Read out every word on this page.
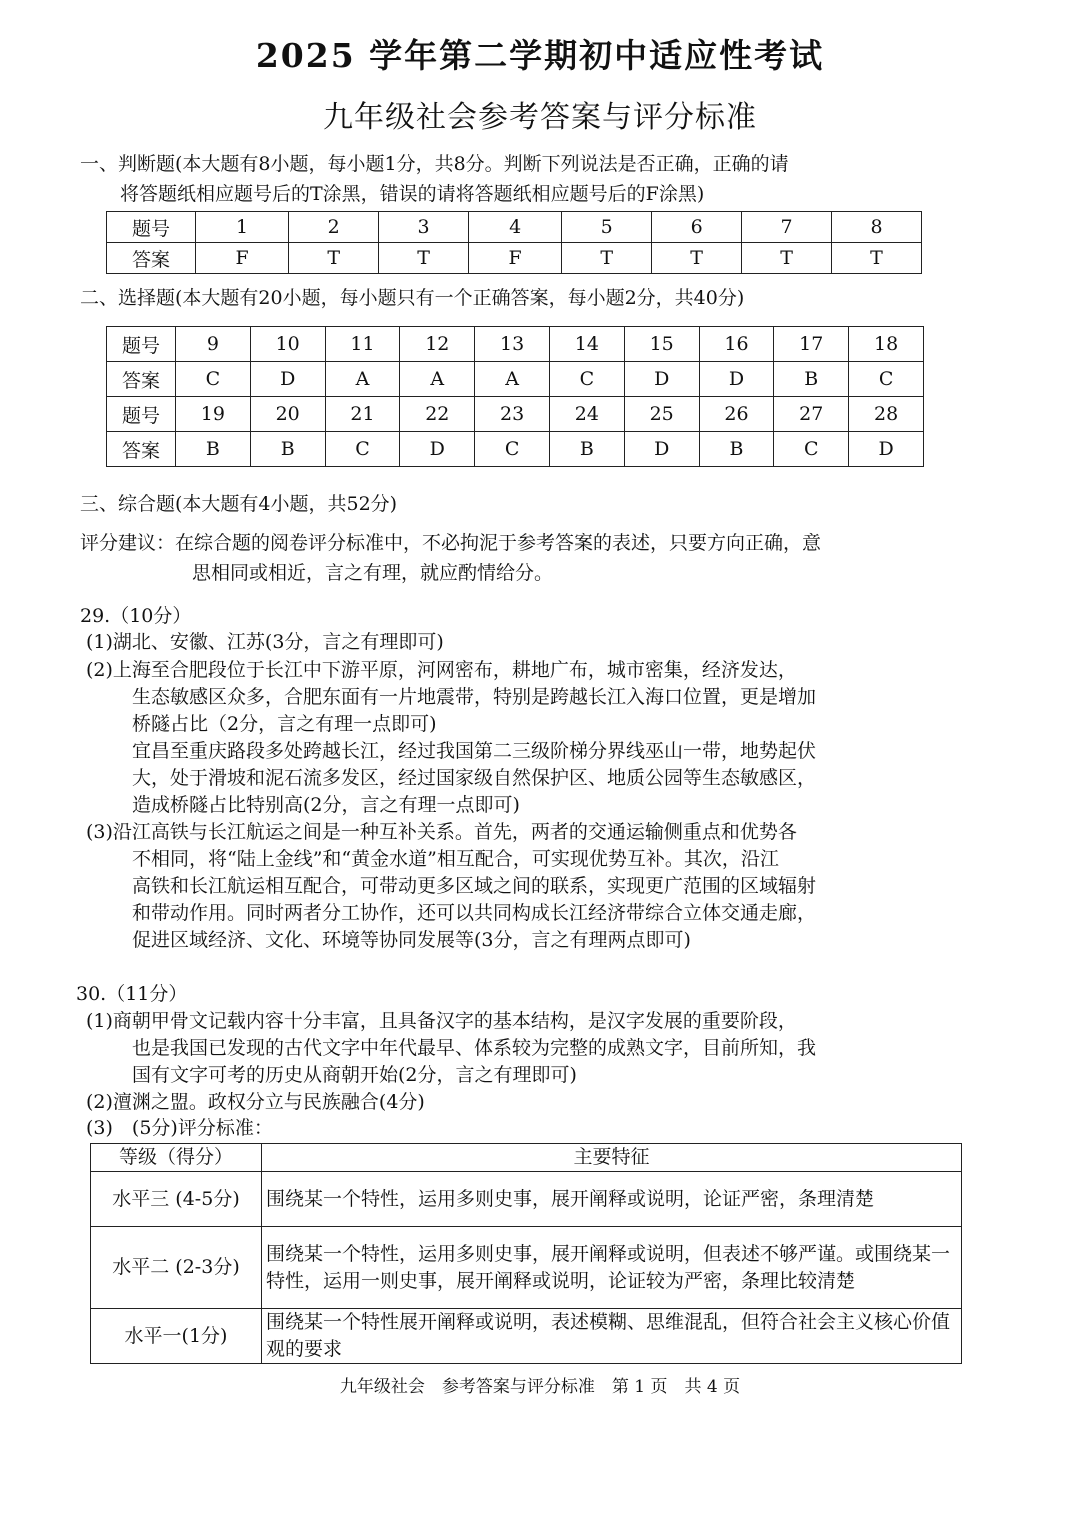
2025 学年第二学期初中适应性考试
九年级社会参考答案与评分标准
一、判断题(本大题有8小题，每小题1分，共8分。判断下列说法是否正确，正确的请
将答题纸相应题号后的T涂黑，错误的请将答题纸相应题号后的F涂黑)
题号	1	2	3	4	5	6	7	8
答案	F	T	T	F	T	T	T	T
二、选择题(本大题有20小题，每小题只有一个正确答案，每小题2分，共40分)
题号	9	10	11	12	13	14	15	16	17	18
答案	C	D	A	A	A	C	D	D	B	C
题号	19	20	21	22	23	24	25	26	27	28
答案	B	B	C	D	C	B	D	B	C	D
三、综合题(本大题有4小题，共52分)
评分建议：在综合题的阅卷评分标准中，不必拘泥于参考答案的表述，只要方向正确，意
思相同或相近，言之有理，就应酌情给分。
29.（10分）
(1)湖北、安徽、江苏(3分，言之有理即可)
(2)上海至合肥段位于长江中下游平原，河网密布，耕地广布，城市密集，经济发达，
生态敏感区众多，合肥东面有一片地震带，特别是跨越长江入海口位置，更是增加
桥隧占比（2分，言之有理一点即可)
宜昌至重庆路段多处跨越长江，经过我国第二三级阶梯分界线巫山一带，地势起伏
大，处于滑坡和泥石流多发区，经过国家级自然保护区、地质公园等生态敏感区，
造成桥隧占比特别高(2分，言之有理一点即可)
(3)沿江高铁与长江航运之间是一种互补关系。首先，两者的交通运输侧重点和优势各
不相同，将“陆上金线”和“黄金水道”相互配合，可实现优势互补。其次，沿江
高铁和长江航运相互配合，可带动更多区域之间的联系，实现更广范围的区域辐射
和带动作用。同时两者分工协作，还可以共同构成长江经济带综合立体交通走廊，
促进区域经济、文化、环境等协同发展等(3分，言之有理两点即可)
30.（11分）
(1)商朝甲骨文记载内容十分丰富，且具备汉字的基本结构，是汉字发展的重要阶段，
也是我国已发现的古代文字中年代最早、体系较为完整的成熟文字，目前所知，我
国有文字可考的历史从商朝开始(2分，言之有理即可)
(2)澶渊之盟。政权分立与民族融合(4分)
(3)　(5分)评分标准：
等级（得分）	主要特征
水平三 (4-5分)	围绕某一个特性，运用多则史事，展开阐释或说明，论证严密，条理清楚
水平二 (2-3分)	围绕某一个特性，运用多则史事，展开阐释或说明，但表述不够严谨。或围绕某一特性，运用一则史事，展开阐释或说明，论证较为严密，条理比较清楚
水平一(1分)	围绕某一个特性展开阐释或说明，表述模糊、思维混乱，但符合社会主义核心价值观的要求
九年级社会　参考答案与评分标准　第 1 页　共 4 页
